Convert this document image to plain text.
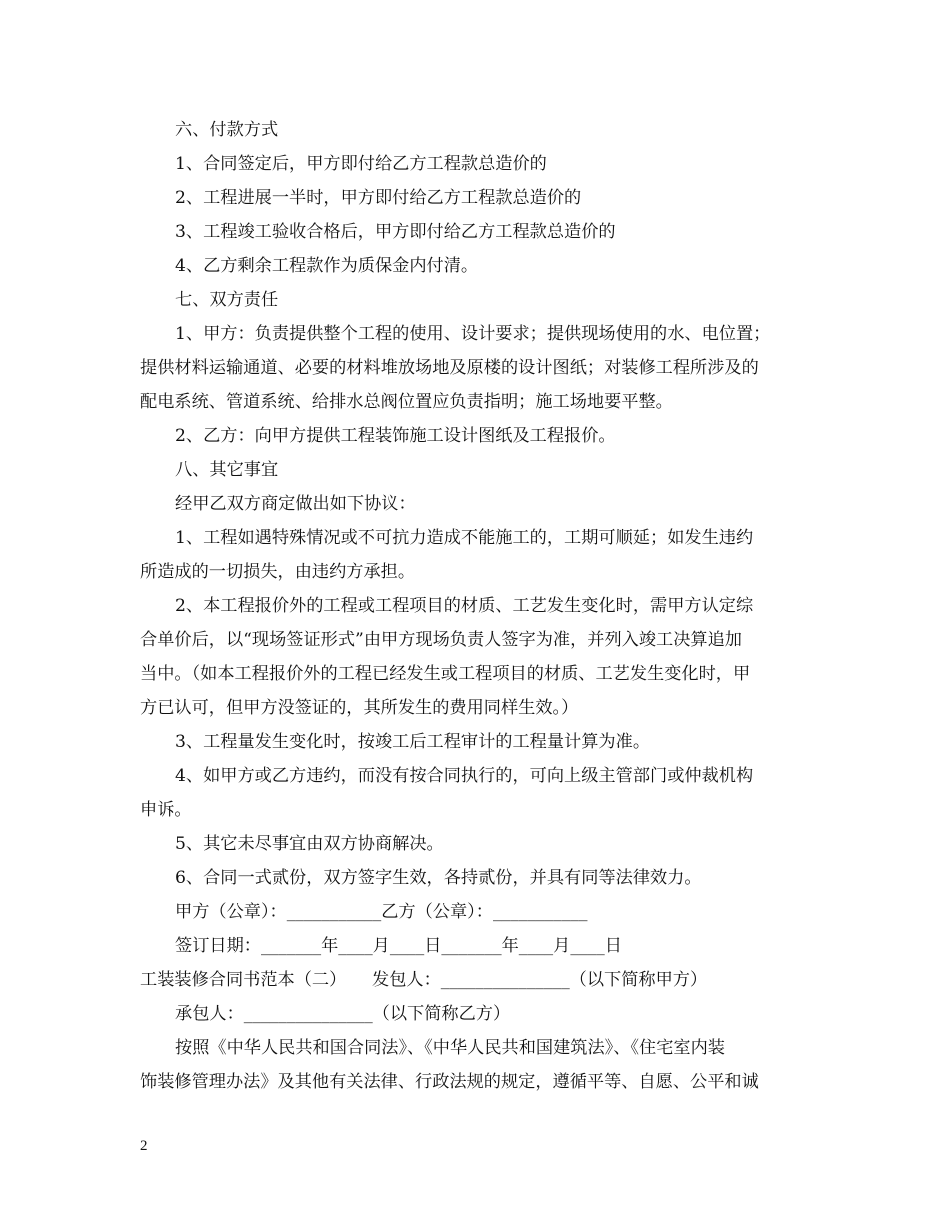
六、付款方式
1、合同签定后，甲方即付给乙方工程款总造价的
2、工程进展一半时，甲方即付给乙方工程款总造价的
3、工程竣工验收合格后，甲方即付给乙方工程款总造价的
4、乙方剩余工程款作为质保金内付清。
七、双方责任
1、甲方：负责提供整个工程的使用、设计要求；提供现场使用的水、电位置；
提供材料运输通道、必要的材料堆放场地及原楼的设计图纸；对装修工程所涉及的
配电系统、管道系统、给排水总阀位置应负责指明；施工场地要平整。
2、乙方：向甲方提供工程装饰施工设计图纸及工程报价。
八、其它事宜
经甲乙双方商定做出如下协议：
1、工程如遇特殊情况或不可抗力造成不能施工的，工期可顺延；如发生违约
所造成的一切损失，由违约方承担。
2、本工程报价外的工程或工程项目的材质、工艺发生变化时，需甲方认定综
合单价后，以“现场签证形式”由甲方现场负责人签字为准，并列入竣工决算追加
当中。（如本工程报价外的工程已经发生或工程项目的材质、工艺发生变化时，甲
方已认可，但甲方没签证的，其所发生的费用同样生效。）
3、工程量发生变化时，按竣工后工程审计的工程量计算为准。
4、如甲方或乙方违约，而没有按合同执行的，可向上级主管部门或仲裁机构
申诉。
5、其它未尽事宜由双方协商解决。
6、合同一式贰份，双方签字生效，各持贰份，并具有同等法律效力。
甲方（公章）：___________乙方（公章）：___________
签订日期：_______年____月____日_______年____月____日
工装装修合同书范本（二）　　发包人：_______________（以下简称甲方）
承包人：_______________（以下简称乙方）
按照《中华人民共和国合同法》、《中华人民共和国建筑法》、《住宅室内装
饰装修管理办法》及其他有关法律、行政法规的规定，遵循平等、自愿、公平和诚
2
